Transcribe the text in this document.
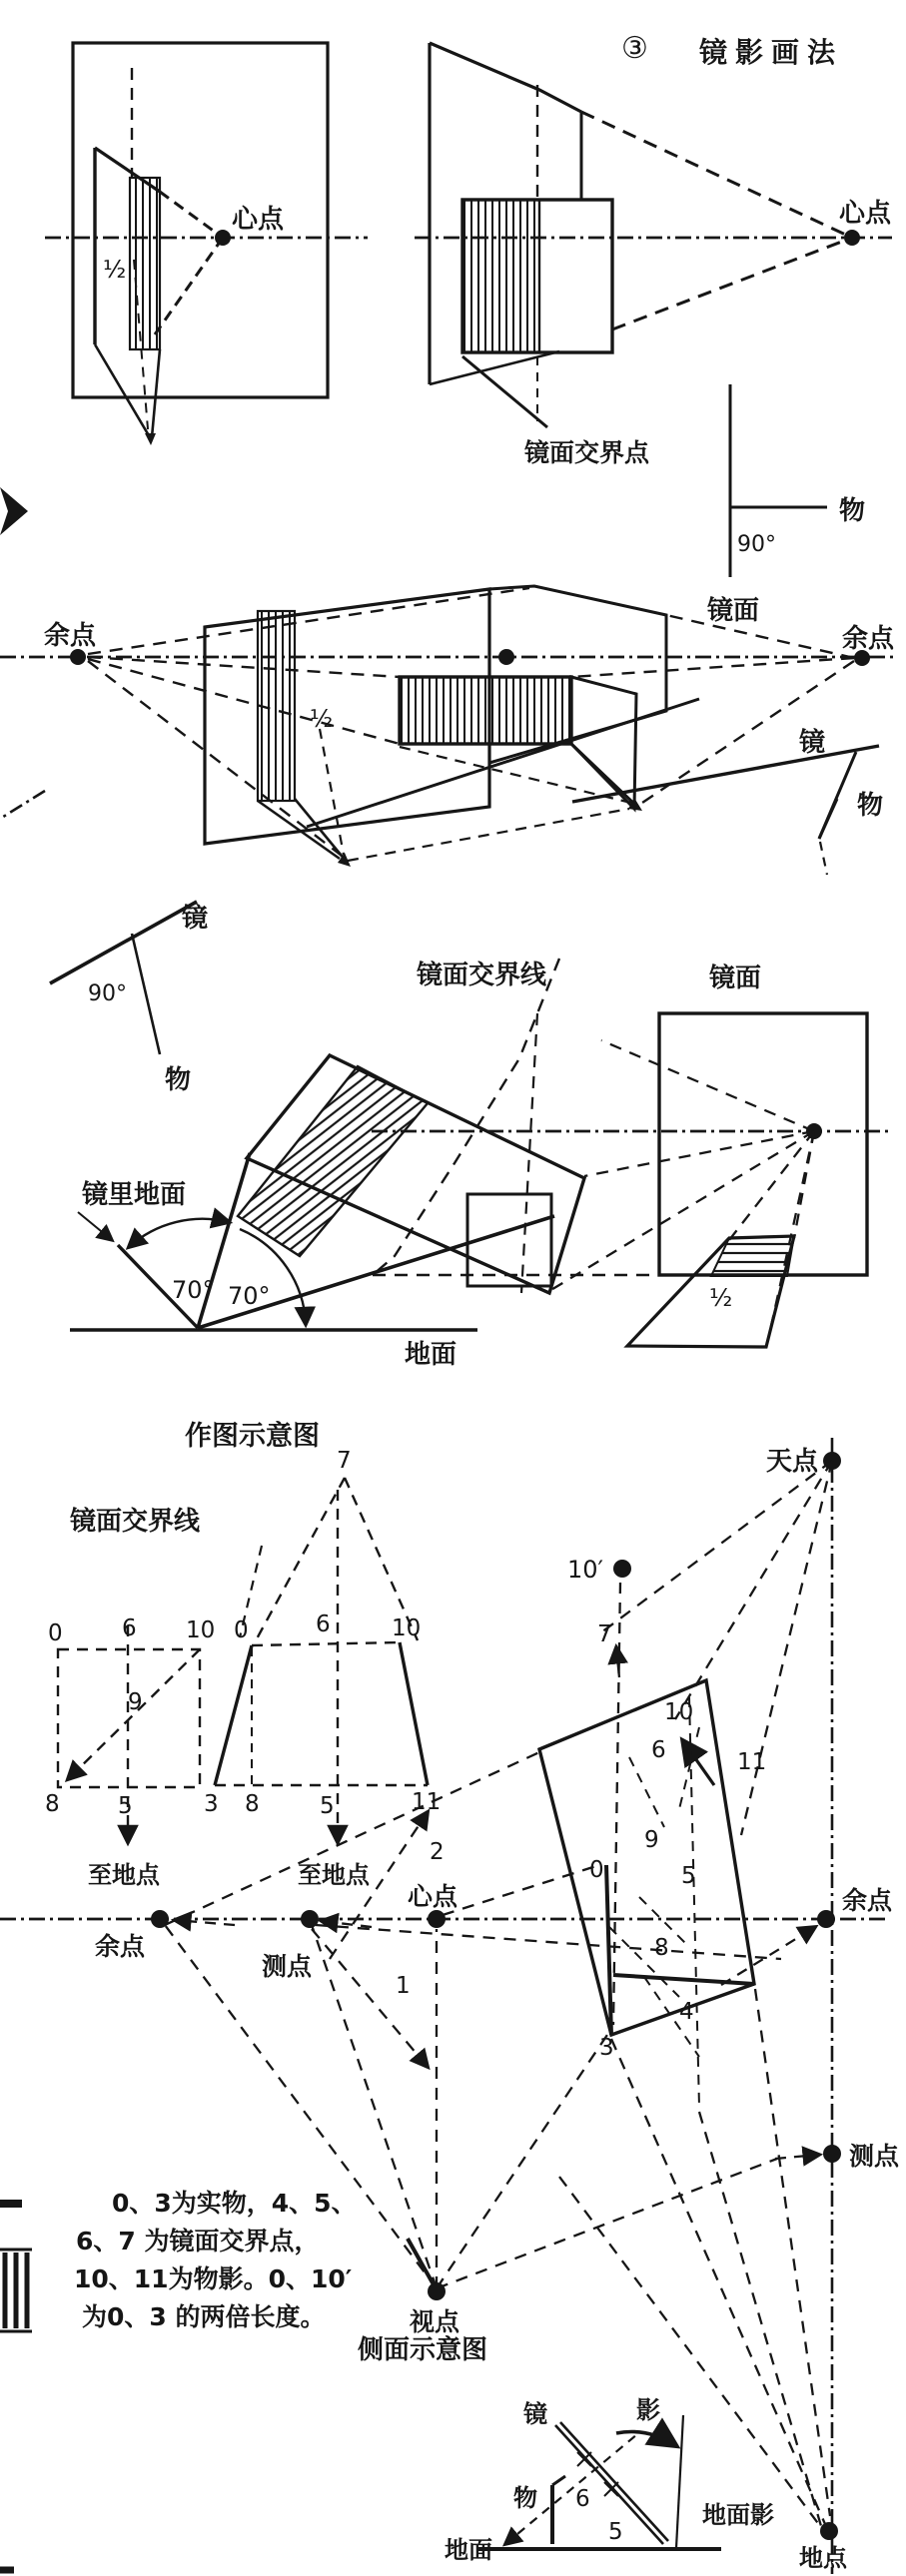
③ 镜影画法
心点
½
心点
镜面交界点
物
90°
镜面
余点	余点
½
镜
物
镜
90°
物
镜面交界线	镜面
½
地面
镜里地面
70° 70°
作图示意图
镜面交界线
0	6 10
9
8	5
至地点
7
0	6	10
3 8	5	11
至地点
天点
10′
7
10
6	11
9
0	5
8
4
3
余点
测点
心点	余点
2
1
测点
视点
侧面示意图
0、3为实物，4、5、
6、7 为镜面交界点，
10、11为物影。0、10′
为0、3 的两倍长度。
地面
物
镜	影
6
5
地面影
地点
